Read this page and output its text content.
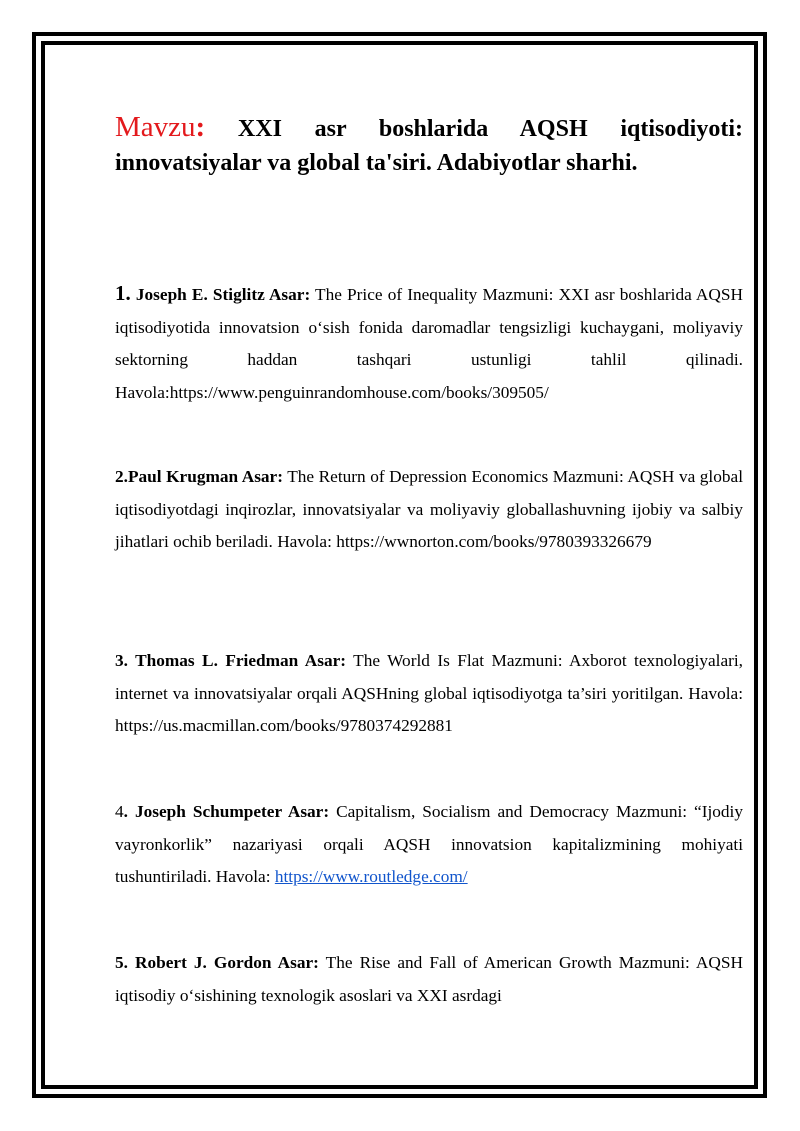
Mavzu: XXI asr boshlarida AQSH iqtisodiyoti: innovatsiyalar va global ta'siri. Adabiyotlar sharhi.

1. Joseph E. Stiglitz Asar: The Price of Inequality Mazmuni: XXI asr boshlarida AQSH iqtisodiyotida innovatsion o‘sish fonida daromadlar tengsizligi kuchaygani, moliyaviy sektorning haddan tashqari ustunligi tahlil qilinadi. Havola:https://www.penguinrandomhouse.com/books/309505/

2.Paul Krugman Asar: The Return of Depression Economics Mazmuni: AQSH va global iqtisodiyotdagi inqirozlar, innovatsiyalar va moliyaviy globallashuvning ijobiy va salbiy jihatlari ochib beriladi. Havola: https://wwnorton.com/books/9780393326679

3. Thomas L. Friedman Asar: The World Is Flat Mazmuni: Axborot texnologiyalari, internet va innovatsiyalar orqali AQSHning global iqtisodiyotga ta’siri yoritilgan. Havola: https://us.macmillan.com/books/9780374292881

4. Joseph Schumpeter Asar: Capitalism, Socialism and Democracy Mazmuni: “Ijodiy vayronkorlik” nazariyasi orqali AQSH innovatsion kapitalizmining mohiyati tushuntiriladi. Havola: https://www.routledge.com/

5. Robert J. Gordon Asar: The Rise and Fall of American Growth Mazmuni: AQSH iqtisodiy o‘sishining texnologik asoslari va XXI asrdagi
